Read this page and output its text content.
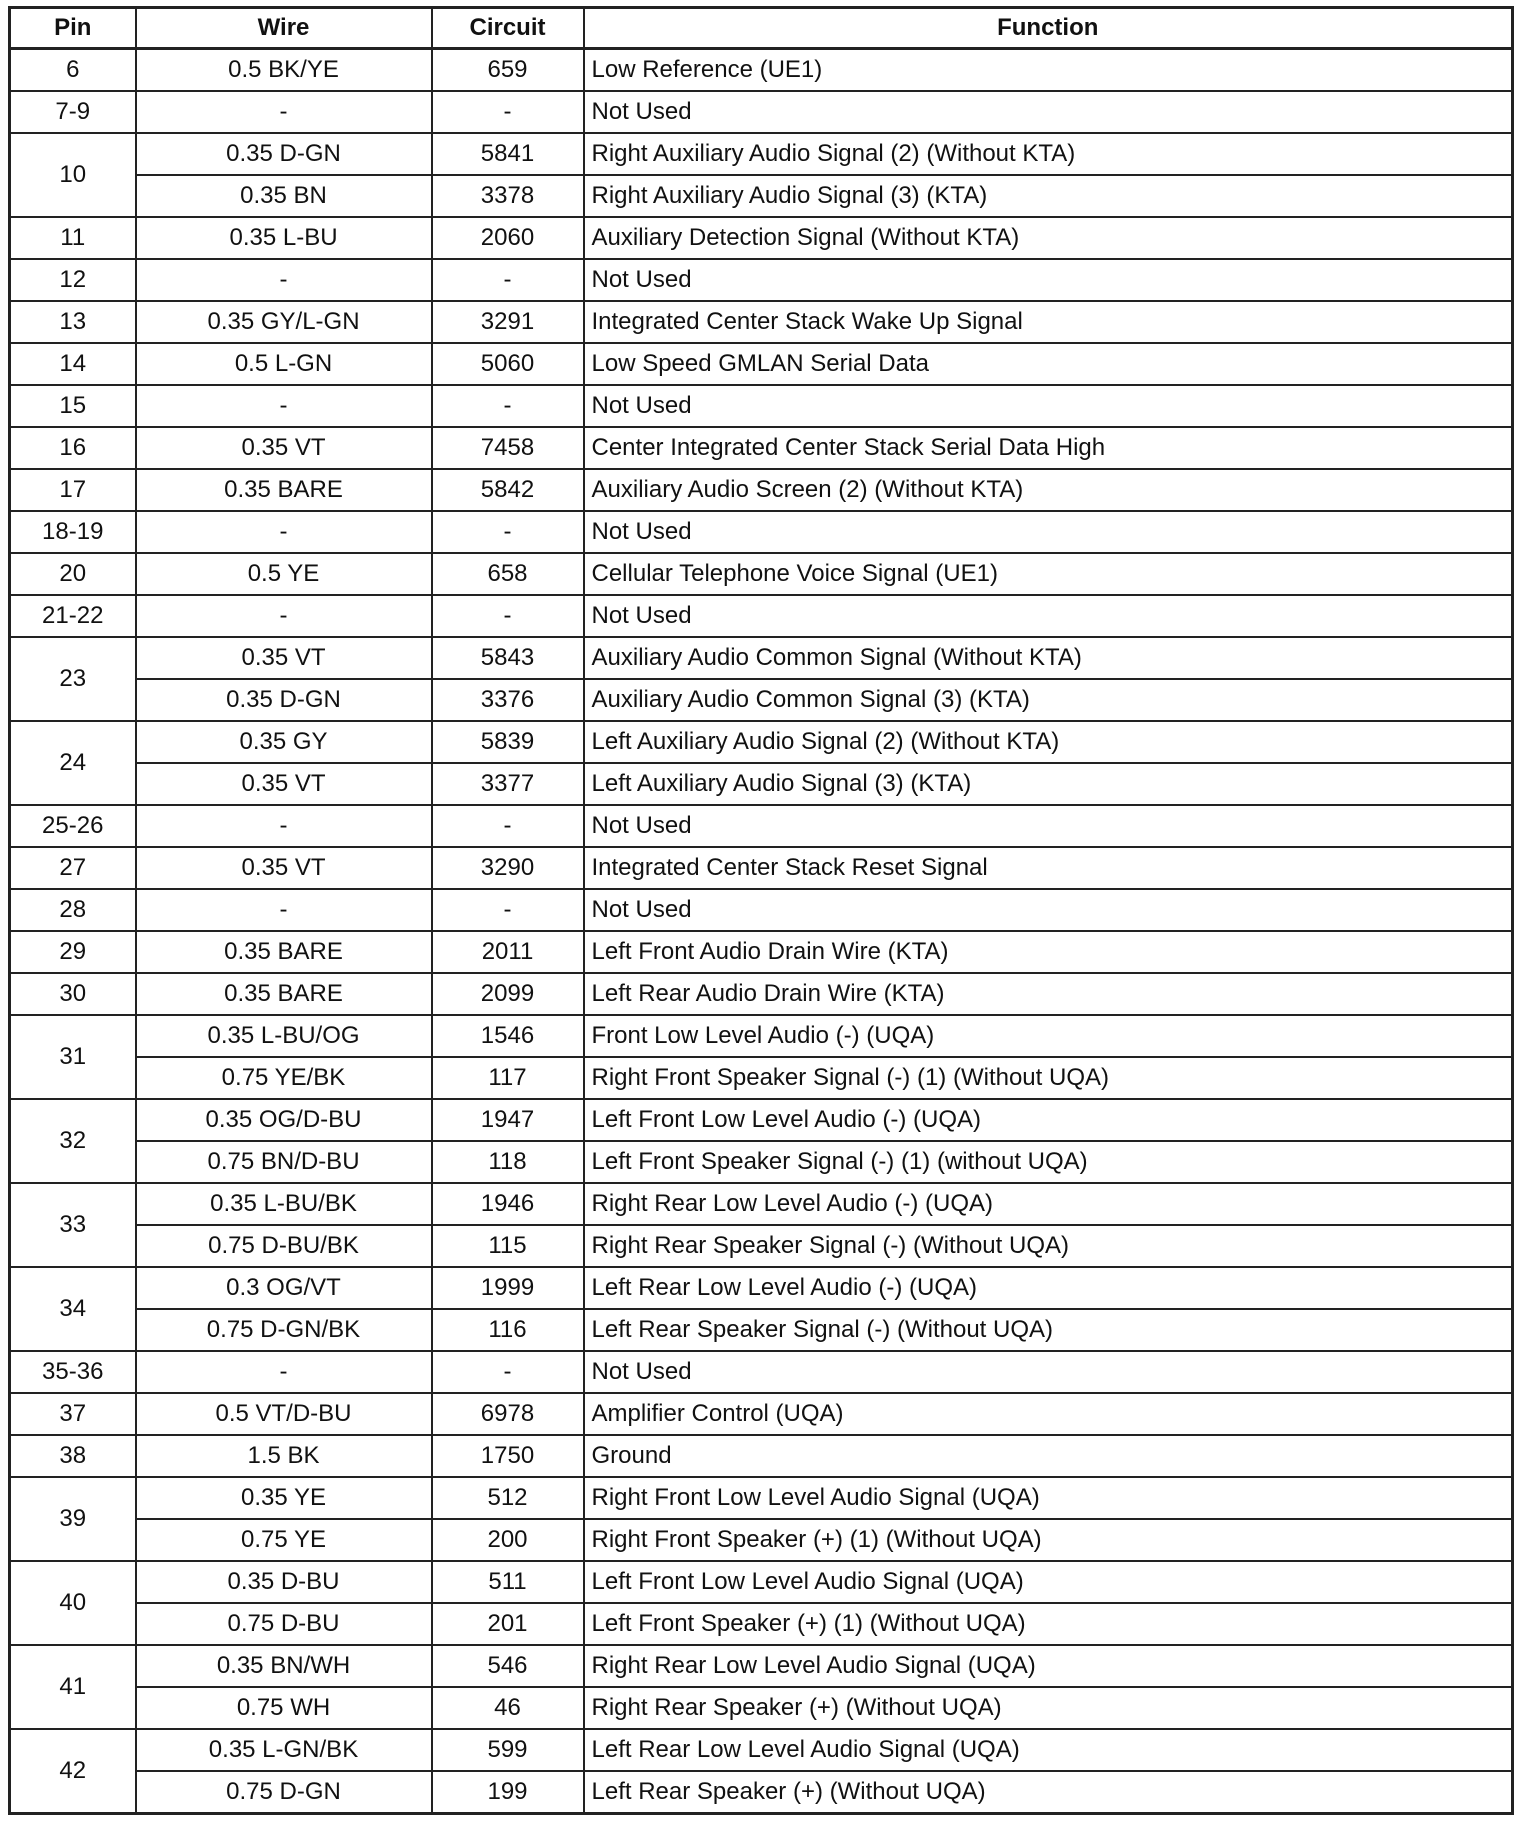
Pin	Wire	Circuit	Function
6	0.5 BK/YE	659	Low Reference (UE1)
7-9	-	-	Not Used
10	0.35 D-GN	5841	Right Auxiliary Audio Signal (2) (Without KTA)
	0.35 BN	3378	Right Auxiliary Audio Signal (3) (KTA)
11	0.35 L-BU	2060	Auxiliary Detection Signal (Without KTA)
12	-	-	Not Used
13	0.35 GY/L-GN	3291	Integrated Center Stack Wake Up Signal
14	0.5 L-GN	5060	Low Speed GMLAN Serial Data
15	-	-	Not Used
16	0.35 VT	7458	Center Integrated Center Stack Serial Data High
17	0.35 BARE	5842	Auxiliary Audio Screen (2) (Without KTA)
18-19	-	-	Not Used
20	0.5 YE	658	Cellular Telephone Voice Signal (UE1)
21-22	-	-	Not Used
23	0.35 VT	5843	Auxiliary Audio Common Signal (Without KTA)
	0.35 D-GN	3376	Auxiliary Audio Common Signal (3) (KTA)
24	0.35 GY	5839	Left Auxiliary Audio Signal (2) (Without KTA)
	0.35 VT	3377	Left Auxiliary Audio Signal (3) (KTA)
25-26	-	-	Not Used
27	0.35 VT	3290	Integrated Center Stack Reset Signal
28	-	-	Not Used
29	0.35 BARE	2011	Left Front Audio Drain Wire (KTA)
30	0.35 BARE	2099	Left Rear Audio Drain Wire (KTA)
31	0.35 L-BU/OG	1546	Front Low Level Audio (-) (UQA)
	0.75 YE/BK	117	Right Front Speaker Signal (-) (1) (Without UQA)
32	0.35 OG/D-BU	1947	Left Front Low Level Audio (-) (UQA)
	0.75 BN/D-BU	118	Left Front Speaker Signal (-) (1) (without UQA)
33	0.35 L-BU/BK	1946	Right Rear Low Level Audio (-) (UQA)
	0.75 D-BU/BK	115	Right Rear Speaker Signal (-) (Without UQA)
34	0.3 OG/VT	1999	Left Rear Low Level Audio (-) (UQA)
	0.75 D-GN/BK	116	Left Rear Speaker Signal (-) (Without UQA)
35-36	-	-	Not Used
37	0.5 VT/D-BU	6978	Amplifier Control (UQA)
38	1.5 BK	1750	Ground
39	0.35 YE	512	Right Front Low Level Audio Signal (UQA)
	0.75 YE	200	Right Front Speaker (+) (1) (Without UQA)
40	0.35 D-BU	511	Left Front Low Level Audio Signal (UQA)
	0.75 D-BU	201	Left Front Speaker (+) (1) (Without UQA)
41	0.35 BN/WH	546	Right Rear Low Level Audio Signal (UQA)
	0.75 WH	46	Right Rear Speaker (+) (Without UQA)
42	0.35 L-GN/BK	599	Left Rear Low Level Audio Signal (UQA)
	0.75 D-GN	199	Left Rear Speaker (+) (Without UQA)
